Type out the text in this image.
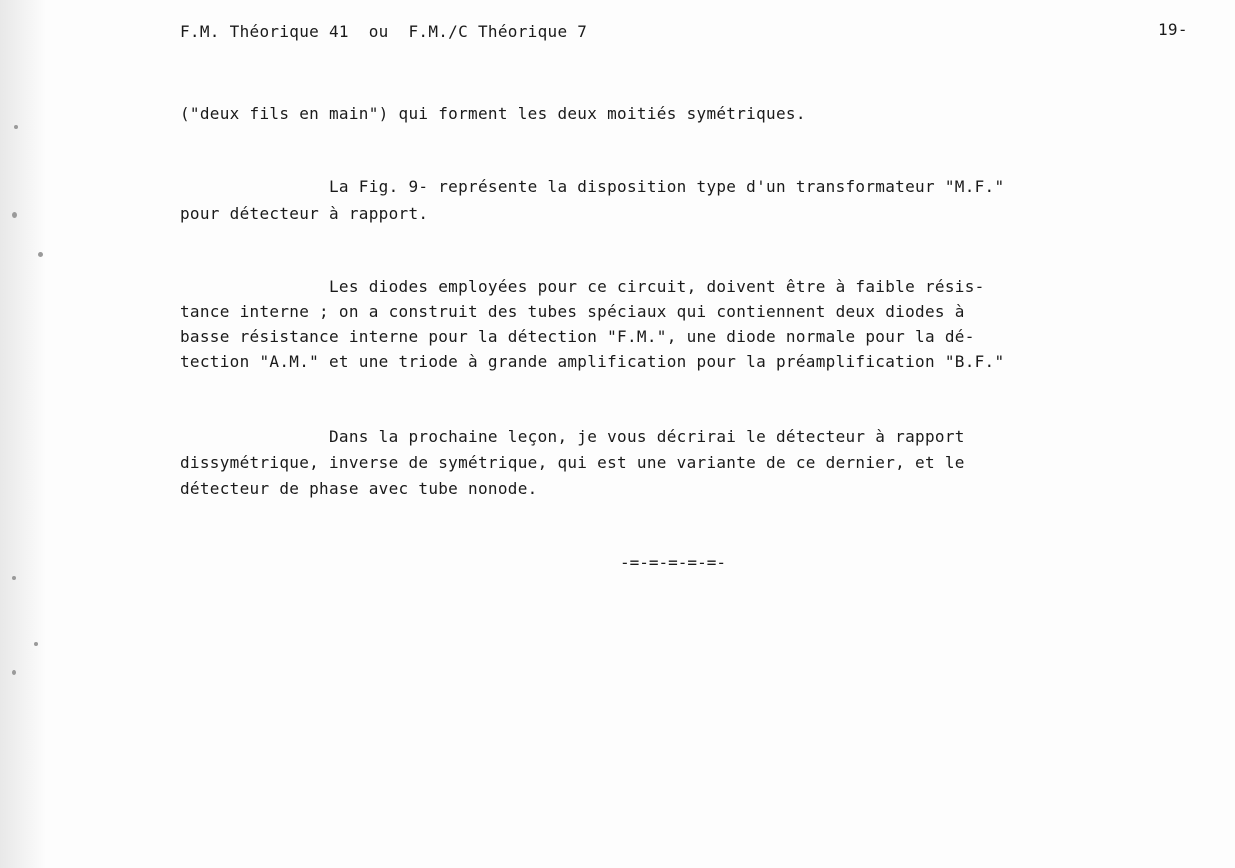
F.M. Théorique 41  ou  F.M./C Théorique 7	19-
("deux fils en main") qui forment les deux moitiés symétriques.
La Fig. 9- représente la disposition type d'un transformateur "M.F."
pour détecteur à rapport.
Les diodes employées pour ce circuit, doivent être à faible résis-
tance interne ; on a construit des tubes spéciaux qui contiennent deux diodes à
basse résistance interne pour la détection "F.M.", une diode normale pour la dé-
tection "A.M." et une triode à grande amplification pour la préamplification "B.F."
Dans la prochaine leçon, je vous décrirai le détecteur à rapport
dissymétrique, inverse de symétrique, qui est une variante de ce dernier, et le
détecteur de phase avec tube nonode.
-=-=-=-=-=-
